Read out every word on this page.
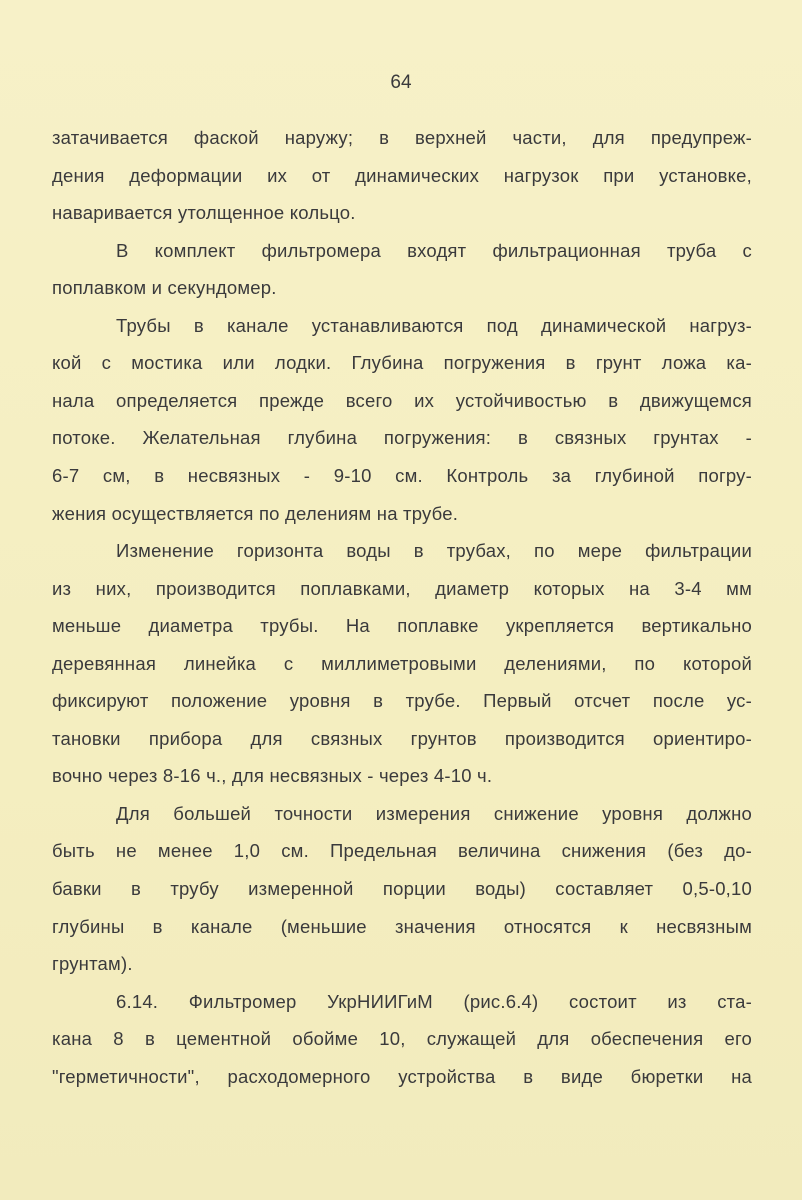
64
затачивается фаской наружу; в верхней части, для предупреж-
дения деформации их от динамических нагрузок при установке,
наваривается утолщенное кольцо.
В комплект фильтромера входят фильтрационная труба с
поплавком и секундомер.
Трубы в канале устанавливаются под динамической нагруз-
кой с мостика или лодки. Глубина погружения в грунт ложа ка-
нала определяется прежде всего их устойчивостью в движущемся
потоке. Желательная глубина погружения: в связных грунтах -
6-7 см, в несвязных - 9-10 см. Контроль за глубиной погру-
жения осуществляется по делениям на трубе.
Изменение горизонта воды в трубах, по мере фильтрации
из них, производится поплавками, диаметр которых на 3-4 мм
меньше диаметра трубы. На поплавке укрепляется вертикально
деревянная линейка с миллиметровыми делениями, по которой
фиксируют положение уровня в трубе. Первый отсчет после ус-
тановки прибора для связных грунтов производится ориентиро-
вочно через 8-16 ч., для несвязных - через 4-10 ч.
Для большей точности измерения снижение уровня должно
быть не менее 1,0 см. Предельная величина снижения (без до-
бавки в трубу измеренной порции воды) составляет 0,5-0,10
глубины в канале (меньшие значения относятся к несвязным
грунтам).
6.14. Фильтромер УкрНИИГиМ (рис.6.4) состоит из ста-
кана 8 в цементной обойме 10, служащей для обеспечения его
"герметичности", расходомерного устройства в виде бюретки на
